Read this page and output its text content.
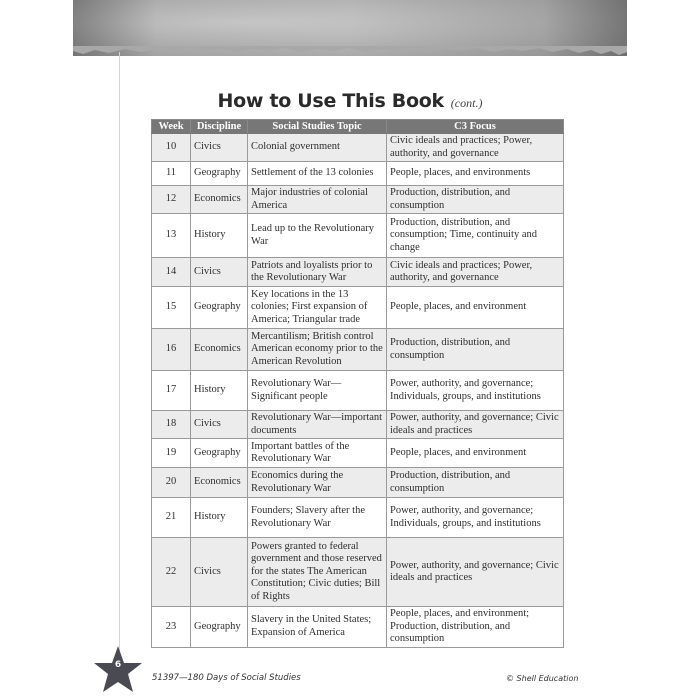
How to Use This Book (cont.)
Week	Discipline	Social Studies Topic	C3 Focus
10	Civics	Colonial government	Civic ideals and practices; Power, authority, and governance
11	Geography	Settlement of the 13 colonies	People, places, and environments
12	Economics	Major industries of colonial America	Production, distribution, and consumption
13	History	Lead up to the Revolutionary War	Production, distribution, and consumption; Time, continuity and change
14	Civics	Patriots and loyalists prior to the Revolutionary War	Civic ideals and practices; Power, authority, and governance
15	Geography	Key locations in the 13 colonies; First expansion of America; Triangular trade	People, places, and environment
16	Economics	Mercantilism; British control American economy prior to the American Revolution	Production, distribution, and consumption
17	History	Revolutionary War—Significant people	Power, authority, and governance; Individuals, groups, and institutions
18	Civics	Revolutionary War—important documents	Power, authority, and governance; Civic ideals and practices
19	Geography	Important battles of the Revolutionary War	People, places, and environment
20	Economics	Economics during the Revolutionary War	Production, distribution, and consumption
21	History	Founders; Slavery after the Revolutionary War	Power, authority, and governance; Individuals, groups, and institutions
22	Civics	Powers granted to federal government and those reserved for the states The American Constitution; Civic duties; Bill of Rights	Power, authority, and governance; Civic ideals and practices
23	Geography	Slavery in the United States; Expansion of America	People, places, and environment; Production, distribution, and consumption
6
51397—180 Days of Social Studies	© Shell Education
